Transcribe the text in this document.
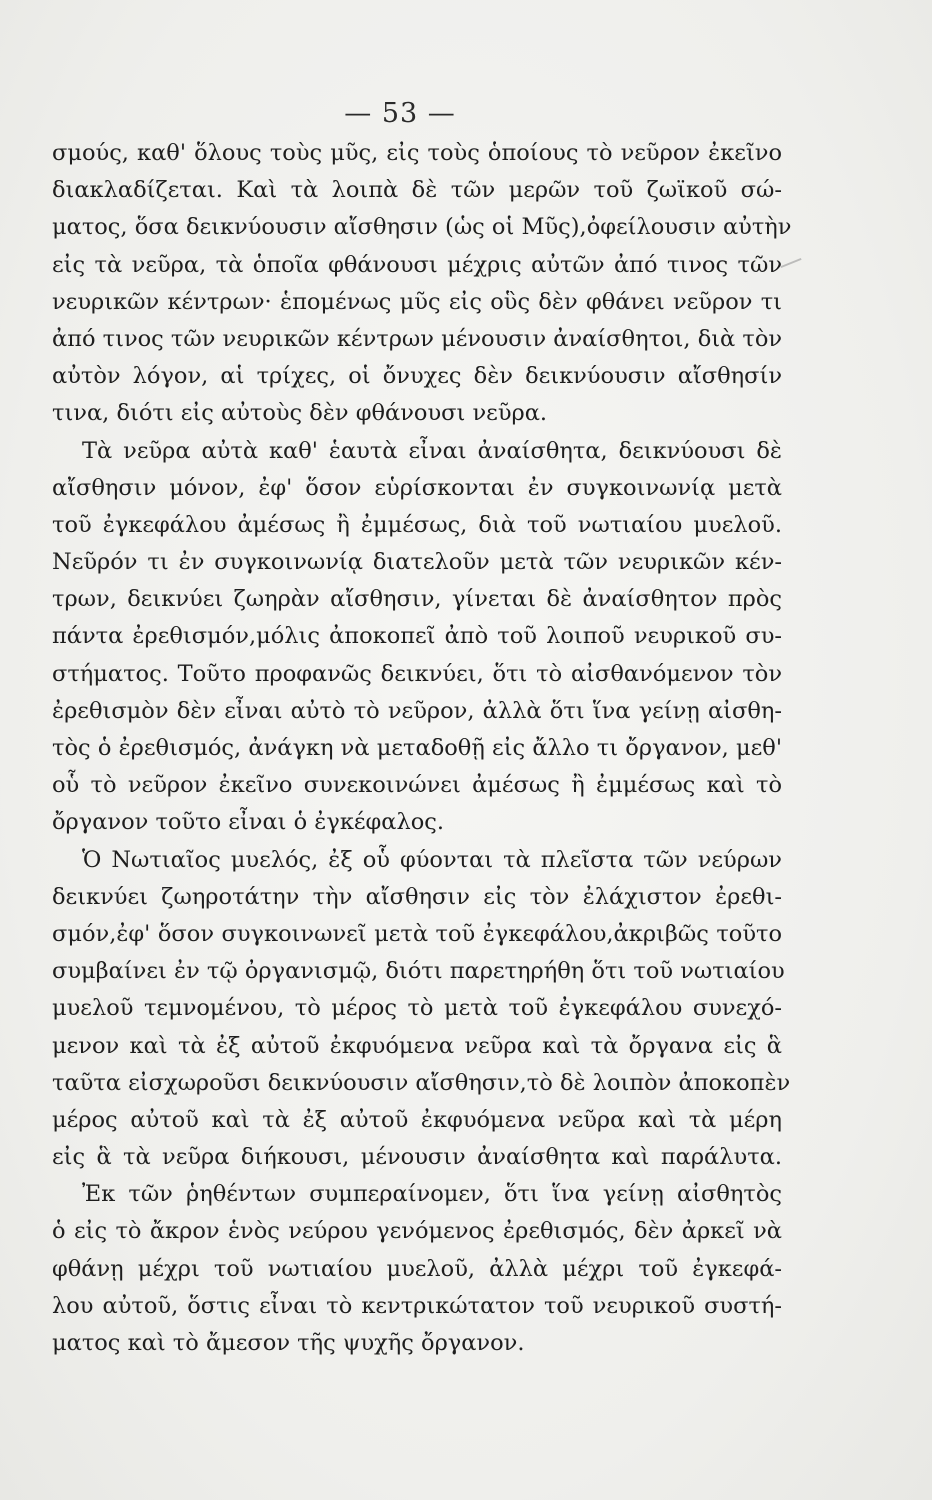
— 53 —
σμούς, καθ' ὅλους τοὺς μῦς, εἰς τοὺς ὁποίους τὸ νεῦρον ἐκεῖνο
διακλαδίζεται. Καὶ τὰ λοιπὰ δὲ τῶν μερῶν τοῦ ζωϊκοῦ σώ-
ματος, ὅσα δεικνύουσιν αἴσθησιν (ὡς οἱ Μῦς),ὀφείλουσιν αὐτὴν
εἰς τὰ νεῦρα, τὰ ὁποῖα φθάνουσι μέχρις αὐτῶν ἀπό τινος τῶν
νευρικῶν κέντρων· ἑπομένως μῦς εἰς οὓς δὲν φθάνει νεῦρον τι
ἀπό τινος τῶν νευρικῶν κέντρων μένουσιν ἀναίσθητοι, διὰ τὸν
αὐτὸν λόγον, αἱ τρίχες, οἱ ὄνυχες δὲν δεικνύουσιν αἴσθησίν
τινα, διότι εἰς αὐτοὺς δὲν φθάνουσι νεῦρα.
Τὰ νεῦρα αὐτὰ καθ' ἑαυτὰ εἶναι ἀναίσθητα, δεικνύουσι δὲ
αἴσθησιν μόνον, ἐφ' ὅσον εὑρίσκονται ἐν συγκοινωνίᾳ μετὰ
τοῦ ἐγκεφάλου ἀμέσως ἢ ἐμμέσως, διὰ τοῦ νωτιαίου μυελοῦ.
Νεῦρόν τι ἐν συγκοινωνίᾳ διατελοῦν μετὰ τῶν νευρικῶν κέν-
τρων, δεικνύει ζωηρὰν αἴσθησιν, γίνεται δὲ ἀναίσθητον πρὸς
πάντα ἐρεθισμόν,μόλις ἀποκοπεῖ ἀπὸ τοῦ λοιποῦ νευρικοῦ συ-
στήματος. Τοῦτο προφανῶς δεικνύει, ὅτι τὸ αἰσθανόμενον τὸν
ἐρεθισμὸν δὲν εἶναι αὐτὸ τὸ νεῦρον, ἀλλὰ ὅτι ἵνα γείνῃ αἰσθη-
τὸς ὁ ἐρεθισμός, ἀνάγκη νὰ μεταδοθῇ εἰς ἄλλο τι ὄργανον, μεθ'
οὗ τὸ νεῦρον ἐκεῖνο συνεκοινώνει ἀμέσως ἢ ἐμμέσως καὶ τὸ
ὄργανον τοῦτο εἶναι ὁ ἐγκέφαλος.
Ὁ Νωτιαῖος μυελός, ἐξ οὗ φύονται τὰ πλεῖστα τῶν νεύρων
δεικνύει ζωηροτάτην τὴν αἴσθησιν εἰς τὸν ἐλάχιστον ἐρεθι-
σμόν,ἐφ' ὅσον συγκοινωνεῖ μετὰ τοῦ ἐγκεφάλου,ἀκριβῶς τοῦτο
συμβαίνει ἐν τῷ ὀργανισμῷ, διότι παρετηρήθη ὅτι τοῦ νωτιαίου
μυελοῦ τεμνομένου, τὸ μέρος τὸ μετὰ τοῦ ἐγκεφάλου συνεχό-
μενον καὶ τὰ ἐξ αὐτοῦ ἐκφυόμενα νεῦρα καὶ τὰ ὄργανα εἰς ἃ
ταῦτα εἰσχωροῦσι δεικνύουσιν αἴσθησιν,τὸ δὲ λοιπὸν ἀποκοπὲν
μέρος αὐτοῦ καὶ τὰ ἐξ αὐτοῦ ἐκφυόμενα νεῦρα καὶ τὰ μέρη
εἰς ἃ τὰ νεῦρα διήκουσι, μένουσιν ἀναίσθητα καὶ παράλυτα.
Ἐκ τῶν ῥηθέντων συμπεραίνομεν, ὅτι ἵνα γείνῃ αἰσθητὸς
ὁ εἰς τὸ ἄκρον ἑνὸς νεύρου γενόμενος ἐρεθισμός, δὲν ἀρκεῖ νὰ
φθάνῃ μέχρι τοῦ νωτιαίου μυελοῦ, ἀλλὰ μέχρι τοῦ ἐγκεφά-
λου αὐτοῦ, ὅστις εἶναι τὸ κεντρικώτατον τοῦ νευρικοῦ συστή-
ματος καὶ τὸ ἄμεσον τῆς ψυχῆς ὄργανον.
